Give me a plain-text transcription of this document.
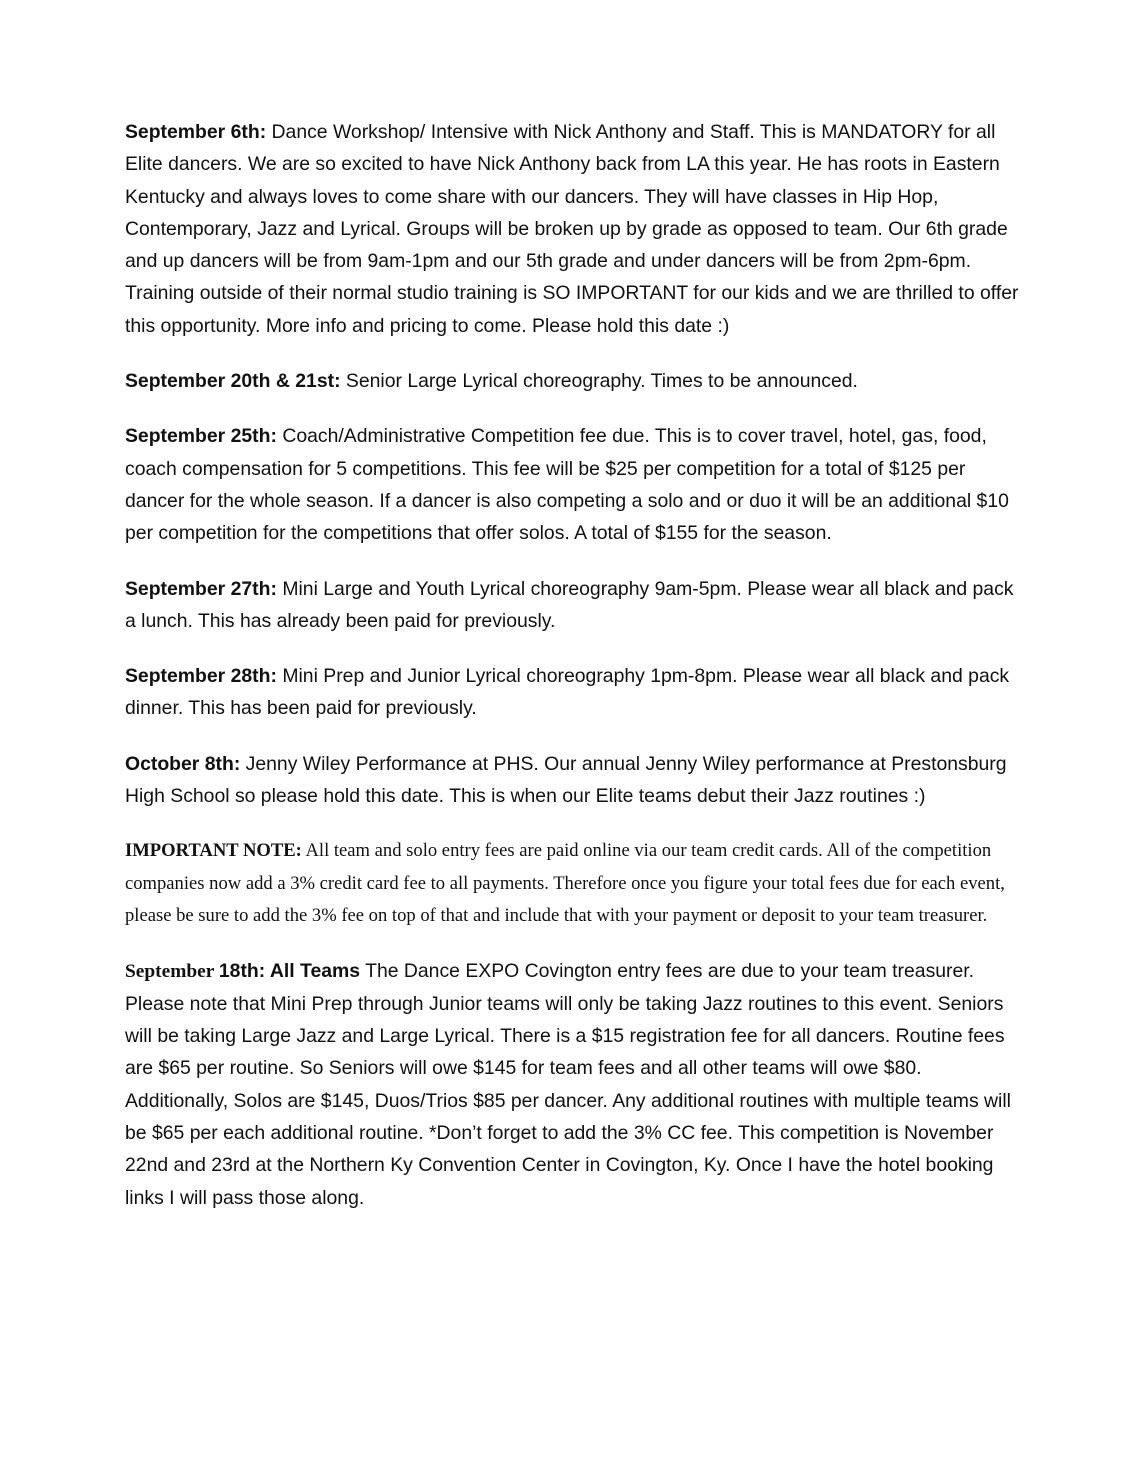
September 6th: Dance Workshop/ Intensive with Nick Anthony and Staff. This is MANDATORY for all Elite dancers. We are so excited to have Nick Anthony back from LA this year. He has roots in Eastern Kentucky and always loves to come share with our dancers. They will have classes in Hip Hop, Contemporary, Jazz and Lyrical. Groups will be broken up by grade as opposed to team. Our 6th grade and up dancers will be from 9am-1pm and our 5th grade and under dancers will be from 2pm-6pm. Training outside of their normal studio training is SO IMPORTANT for our kids and we are thrilled to offer this opportunity. More info and pricing to come. Please hold this date :)

September 20th & 21st: Senior Large Lyrical choreography. Times to be announced.

September 25th: Coach/Administrative Competition fee due. This is to cover travel, hotel, gas, food, coach compensation for 5 competitions. This fee will be $25 per competition for a total of $125 per dancer for the whole season. If a dancer is also competing a solo and or duo it will be an additional $10 per competition for the competitions that offer solos. A total of $155 for the season.

September 27th: Mini Large and Youth Lyrical choreography 9am-5pm. Please wear all black and pack a lunch. This has already been paid for previously.

September 28th: Mini Prep and Junior Lyrical choreography 1pm-8pm. Please wear all black and pack dinner. This has been paid for previously.

October 8th: Jenny Wiley Performance at PHS. Our annual Jenny Wiley performance at Prestonsburg High School so please hold this date. This is when our Elite teams debut their Jazz routines :)

IMPORTANT NOTE: All team and solo entry fees are paid online via our team credit cards. All of the competition companies now add a 3% credit card fee to all payments. Therefore once you figure your total fees due for each event, please be sure to add the 3% fee on top of that and include that with your payment or deposit to your team treasurer.

September 18th: All Teams The Dance EXPO Covington entry fees are due to your team treasurer. Please note that Mini Prep through Junior teams will only be taking Jazz routines to this event. Seniors will be taking Large Jazz and Large Lyrical. There is a $15 registration fee for all dancers. Routine fees are $65 per routine. So Seniors will owe $145 for team fees and all other teams will owe $80. Additionally, Solos are $145, Duos/Trios $85 per dancer. Any additional routines with multiple teams will be $65 per each additional routine. *Don’t forget to add the 3% CC fee. This competition is November 22nd and 23rd at the Northern Ky Convention Center in Covington, Ky. Once I have the hotel booking links I will pass those along.
